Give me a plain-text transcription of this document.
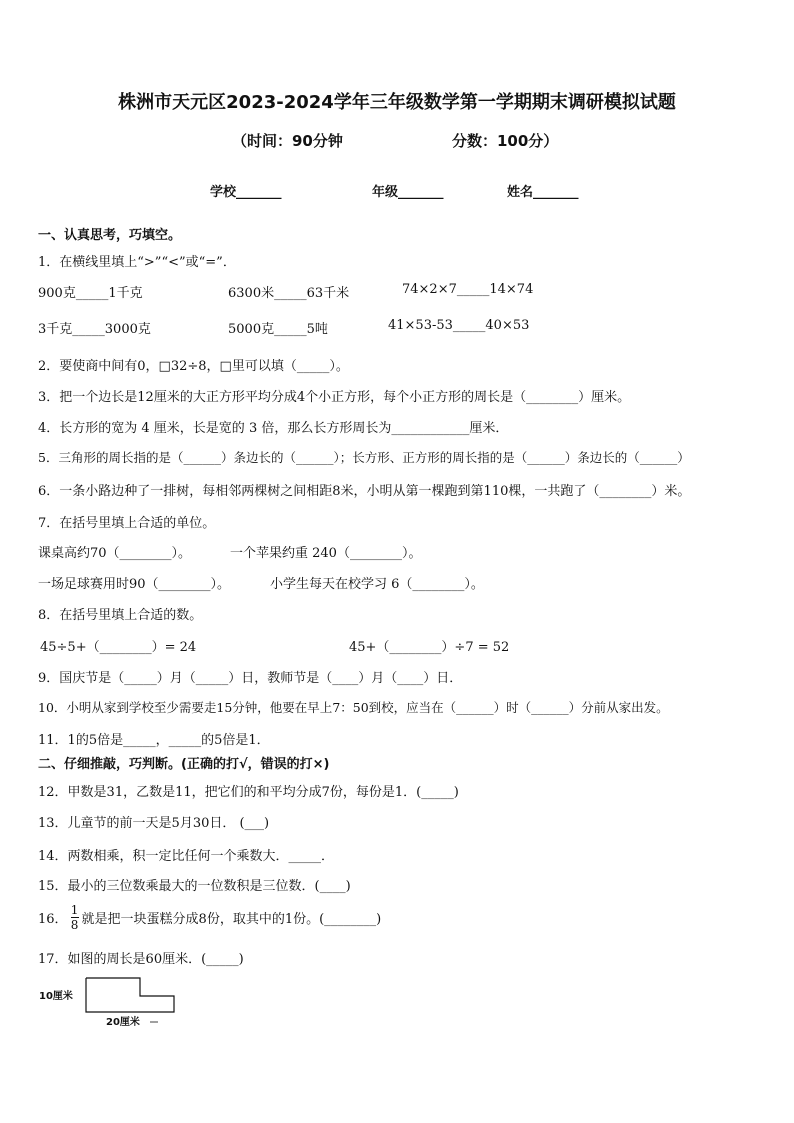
株洲市天元区2023-2024学年三年级数学第一学期期末调研模拟试题
（时间：90分钟	分数：100分）
学校_______	年级_______	姓名_______
一、认真思考，巧填空。
1．在横线里填上“>”“<”或“=”．
900克_____1千克	6300米_____63千米	74×2×7_____14×74
3千克_____3000克	5000克_____5吨	41×53-53_____40×53
2．要使商中间有0，□32÷8，□里可以填（_____）。
3．把一个边长是12厘米的大正方形平均分成4个小正方形，每个小正方形的周长是（________）厘米。
4．长方形的宽为 4 厘米，长是宽的 3 倍，那么长方形周长为____________厘米．
5．三角形的周长指的是（______）条边长的（______）；长方形、正方形的周长指的是（______）条边长的（______）
6．一条小路边种了一排树，每相邻两棵树之间相距8米，小明从第一棵跑到第110棵，一共跑了（________）米。
7．在括号里填上合适的单位。
课桌高约70（________）。	一个苹果约重 240（________）。
一场足球赛用时90（________）。	小学生每天在校学习 6（________）。
8．在括号里填上合适的数。
45÷5+（________）= 24	45+（________）÷7 = 52
9．国庆节是（_____）月（_____）日，教师节是（____）月（____）日．
10．小明从家到学校至少需要走15分钟，他要在早上7：50到校，应当在（______）时（______）分前从家出发。
11．1的5倍是_____，_____的5倍是1．
二、仔细推敲，巧判断。(正确的打√，错误的打×)
12．甲数是31，乙数是11，把它们的和平均分成7份，每份是1．(_____)
13．儿童节的前一天是5月30日． (___)
14．两数相乘，积一定比任何一个乘数大．_____．
15．最小的三位数乘最大的一位数积是三位数．(____)
16． $\frac{1}{8}$ 就是把一块蛋糕分成8份，取其中的1份。(________)
17．如图的周长是60厘米．(_____)
10厘米
20厘米
